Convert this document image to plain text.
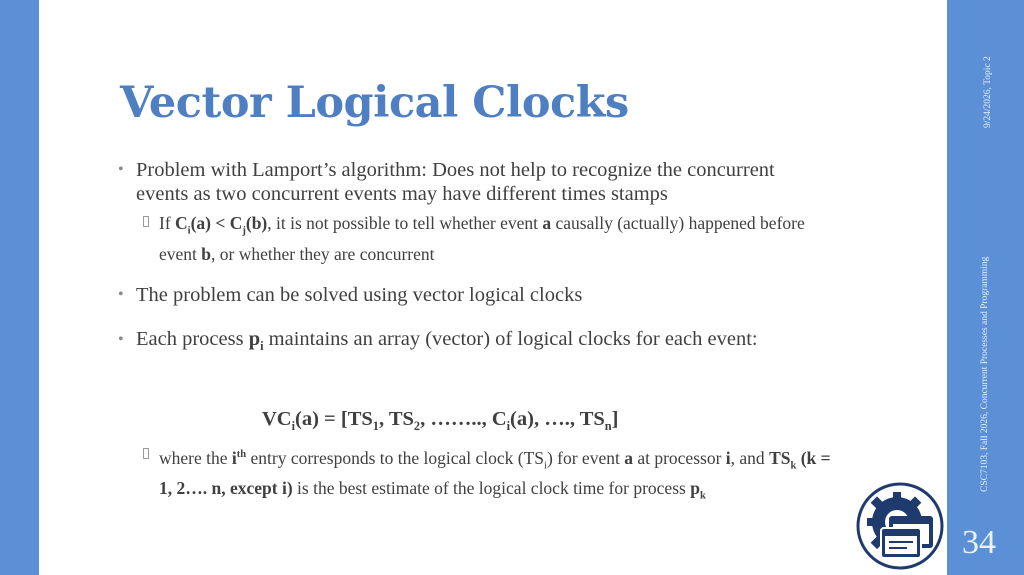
Vector Logical Clocks
• Problem with Lamport’s algorithm: Does not help to recognize the concurrent events as two concurrent events may have different times stamps
If $C_i(a) < C_j(b)$, it is not possible to tell whether event a causally (actually) happened before event b, or whether they are concurrent
• The problem can be solved using vector logical clocks
• Each process $p_i$ maintains an array (vector) of logical clocks for each event:
$VC_i(a) = [TS_1$, $TS_2$, …….., $C_i(a)$, …., $TS_n$]
where the $i^{th}$ entry corresponds to the logical clock $(TS_i)$ for event a at processor i, and $TS_k$ (k = 1, 2…. n, except i) is the best estimate of the logical clock time for process $p_k$
9/24/2026, Topic 2
CSC7103, Fall 2026, Concurrent Processes and Programming
34
